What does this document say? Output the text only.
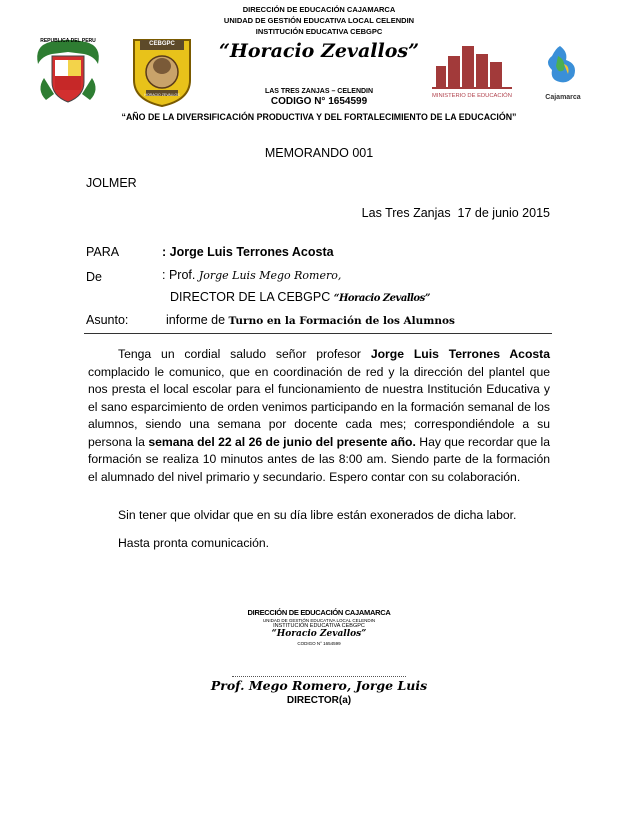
REPUBLICA DEL PERU	CEBGPC
HORACIO ZEVALLOS
DIRECCIÓN DE EDUCACIÓN CAJAMARCA
UNIDAD DE GESTIÓN EDUCATIVA LOCAL CELENDIN
INSTITUCIÓN EDUCATIVA CEBGPC
“Horacio Zevallos”
LAS TRES ZANJAS – CELENDIN
CODIGO N° 1654599	MINISTERIO DE EDUCACIÓN	Cajamarca
“AÑO DE LA DIVERSIFICACIÓN PRODUCTIVA Y DEL FORTALECIMIENTO DE LA EDUCACIÓN”
MEMORANDO 001
JOLMER
Las Tres Zanjas  17 de junio 2015
PARA	: Jorge Luis Terrones Acosta
De	: Prof. Jorge Luis Mego Romero,
DIRECTOR DE LA CEBGPC “Horacio Zevallos”
Asunto:	informe de Turno en la Formación de los Alumnos
Tenga un cordial saludo señor profesor Jorge Luis Terrones Acosta complacido le comunico, que en coordinación de red y la dirección del plantel que nos presta el local escolar para el funcionamiento de nuestra Institución Educativa y el sano esparcimiento de orden venimos participando en la formación semanal de los alumnos, siendo una semana por docente cada mes; correspondiéndole a su persona la semana del 22 al 26 de junio del presente año. Hay que recordar que la formación se realiza 10 minutos antes de las 8:00 am. Siendo parte de la formación el alumnado del nivel primario y secundario. Espero contar con su colaboración.
Sin tener que olvidar que en su día libre están exonerados de dicha labor.
Hasta pronta comunicación.
DIRECCIÓN DE EDUCACIÓN CAJAMARCA
UNIDAD DE GESTIÓN EDUCATIVA LOCAL CELENDIN
INSTITUCIÓN EDUCATIVA CEBGPC
“Horacio Zevallos”
CODIGO N° 1654599
Prof. Mego Romero, Jorge Luis
DIRECTOR(a)
